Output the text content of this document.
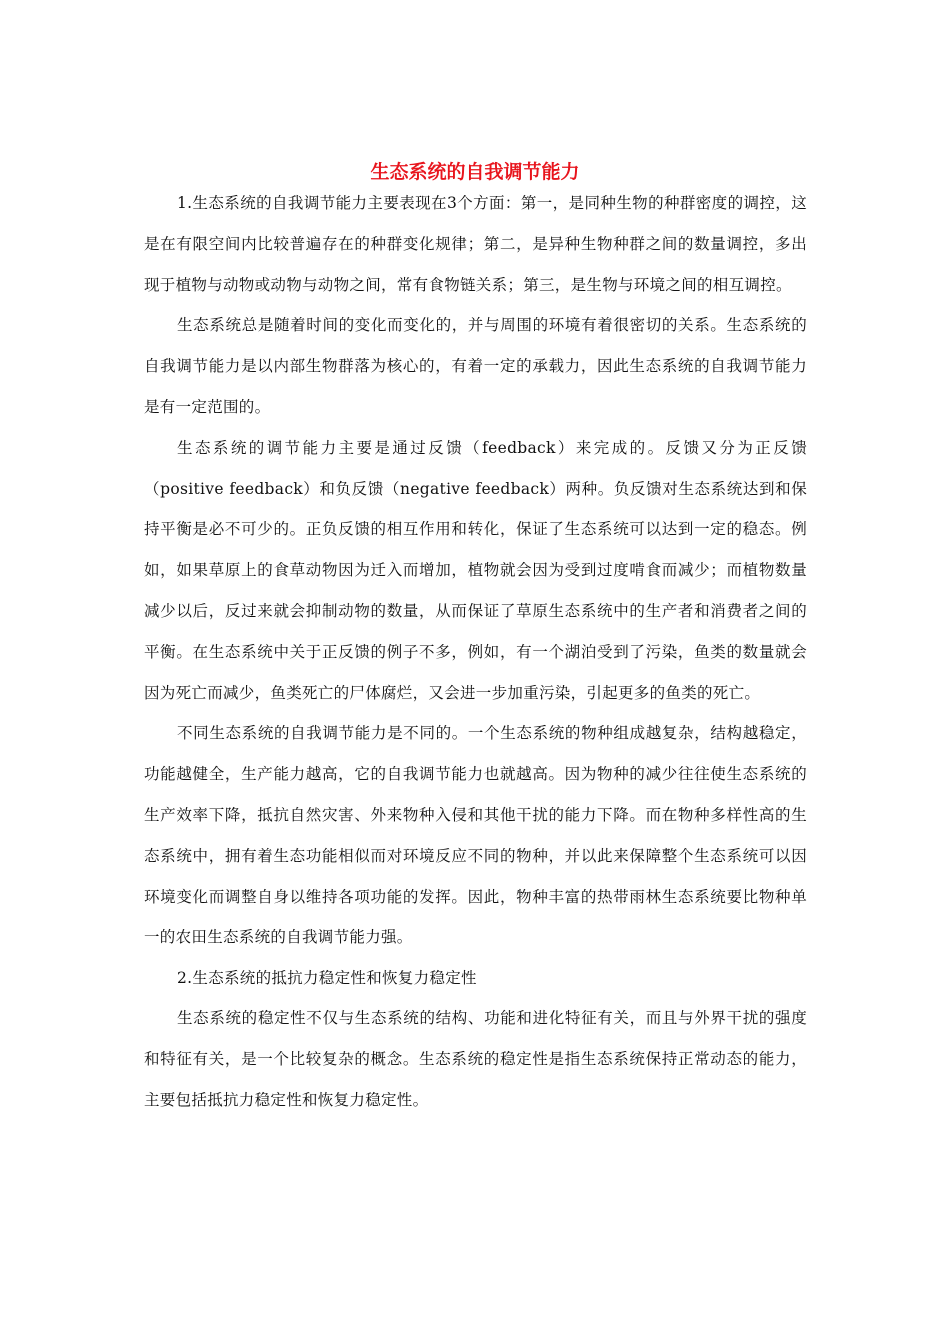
生态系统的自我调节能力

1.生态系统的自我调节能力主要表现在3个方面：第一，是同种生物的种群密度的调控，这是在有限空间内比较普遍存在的种群变化规律；第二，是异种生物种群之间的数量调控，多出现于植物与动物或动物与动物之间，常有食物链关系；第三，是生物与环境之间的相互调控。

生态系统总是随着时间的变化而变化的，并与周围的环境有着很密切的关系。生态系统的自我调节能力是以内部生物群落为核心的，有着一定的承载力，因此生态系统的自我调节能力是有一定范围的。

生态系统的调节能力主要是通过反馈（feedback）来完成的。反馈又分为正反馈（positive feedback）和负反馈（negative feedback）两种。负反馈对生态系统达到和保持平衡是必不可少的。正负反馈的相互作用和转化，保证了生态系统可以达到一定的稳态。例如，如果草原上的食草动物因为迁入而增加，植物就会因为受到过度啃食而减少；而植物数量减少以后，反过来就会抑制动物的数量，从而保证了草原生态系统中的生产者和消费者之间的平衡。在生态系统中关于正反馈的例子不多，例如，有一个湖泊受到了污染，鱼类的数量就会因为死亡而减少，鱼类死亡的尸体腐烂，又会进一步加重污染，引起更多的鱼类的死亡。

不同生态系统的自我调节能力是不同的。一个生态系统的物种组成越复杂，结构越稳定，功能越健全，生产能力越高，它的自我调节能力也就越高。因为物种的减少往往使生态系统的生产效率下降，抵抗自然灾害、外来物种入侵和其他干扰的能力下降。而在物种多样性高的生态系统中，拥有着生态功能相似而对环境反应不同的物种，并以此来保障整个生态系统可以因环境变化而调整自身以维持各项功能的发挥。因此，物种丰富的热带雨林生态系统要比物种单一的农田生态系统的自我调节能力强。

2.生态系统的抵抗力稳定性和恢复力稳定性

生态系统的稳定性不仅与生态系统的结构、功能和进化特征有关，而且与外界干扰的强度和特征有关，是一个比较复杂的概念。生态系统的稳定性是指生态系统保持正常动态的能力，主要包括抵抗力稳定性和恢复力稳定性。
